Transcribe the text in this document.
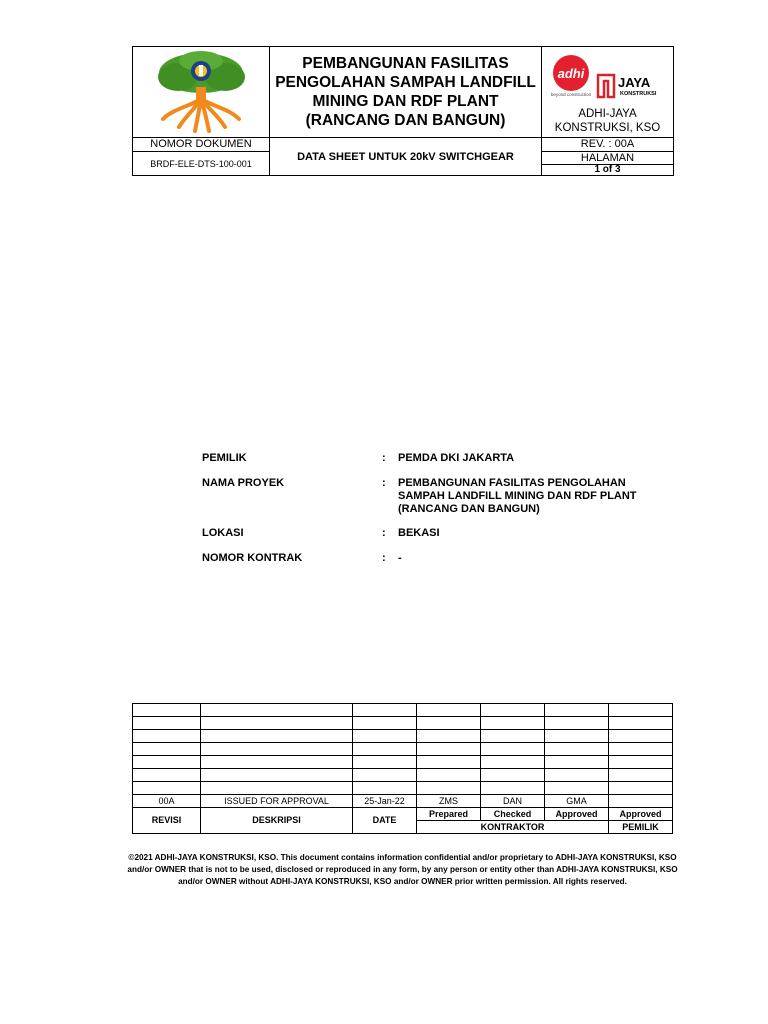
PEMBANGUNAN FASILITAS PENGOLAHAN SAMPAH LANDFILL MINING DAN RDF PLANT (RANCANG DAN BANGUN)
adhi
beyond construction
JAYA
KONSTRUKSI
ADHI-JAYA KONSTRUKSI, KSO
NOMOR DOKUMEN
BRDF-ELE-DTS-100-001
DATA SHEET UNTUK 20kV SWITCHGEAR
REV. : 00A
HALAMAN
1 of 3
PEMILIK	: PEMDA DKI JAKARTA
NAMA PROYEK	: PEMBANGUNAN FASILITAS PENGOLAHAN SAMPAH LANDFILL MINING DAN RDF PLANT (RANCANG DAN BANGUN)
LOKASI	: BEKASI
NOMOR KONTRAK	: -

00A	ISSUED FOR APPROVAL	25-Jan-22	ZMS	DAN	GMA	
REVISI	DESKRIPSI	DATE	Prepared	Checked	Approved	Approved
			KONTRAKTOR			PEMILIK
©2021 ADHI-JAYA KONSTRUKSI, KSO. This document contains information confidential and/or proprietary to ADHI-JAYA KONSTRUKSI, KSO and/or OWNER that is not to be used, disclosed or reproduced in any form, by any person or entity other than ADHI-JAYA KONSTRUKSI, KSO and/or OWNER without ADHI-JAYA KONSTRUKSI, KSO and/or OWNER prior written permission. All rights reserved.
